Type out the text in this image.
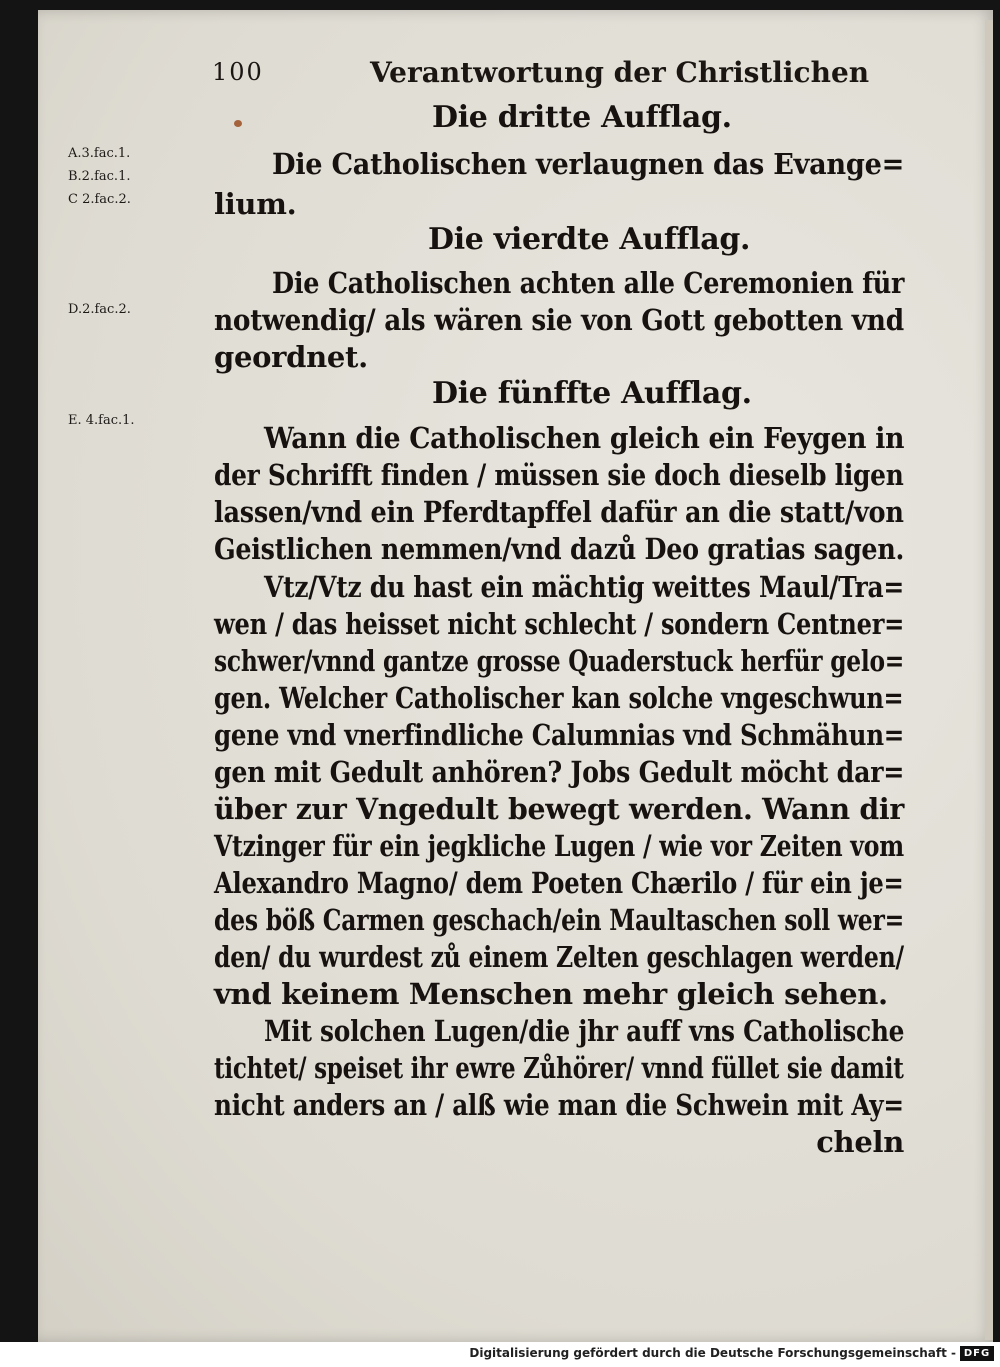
100	Verantwortung der Christlichen
A.3.fac.1.
B.2.fac.1.
C 2.fac.2.
D.2.fac.2.
E. 4.fac.1.
Die dritte Aufflag.
Die Catholischen verlaugnen das Evange=
lium.
Die vierdte Aufflag.
Die Catholischen achten alle Ceremonien für
notwendig/ als wären sie von Gott gebotten vnd
geordnet.
Die fünffte Aufflag.
Wann die Catholischen gleich ein Feygen in
der Schrifft finden / müssen sie doch dieselb ligen
lassen/vnd ein Pferdtapffel dafür an die statt/von
Geistlichen nemmen/vnd dazů Deo gratias sagen.
Vtz/Vtz du hast ein mächtig weittes Maul/Tra=
wen / das heisset nicht schlecht / sondern Centner=
schwer/vnnd gantze grosse Quaderstuck herfür gelo=
gen. Welcher Catholischer kan solche vngeschwun=
gene vnd vnerfindliche Calumnias vnd Schmähun=
gen mit Gedult anhören? Jobs Gedult möcht dar=
über zur Vngedult bewegt werden. Wann dir
Vtzinger für ein jegkliche Lugen / wie vor Zeiten vom
Alexandro Magno/ dem Poeten Chærilo / für ein je=
des böß Carmen geschach/ein Maultaschen soll wer=
den/ du wurdest zů einem Zelten geschlagen werden/
vnd keinem Menschen mehr gleich sehen.
Mit solchen Lugen/die jhr auff vns Catholische
tichtet/ speiset ihr ewre Zůhörer/ vnnd füllet sie damit
nicht anders an / alß wie man die Schwein mit Ay=
cheln
Digitalisierung gefördert durch die Deutsche Forschungsgemeinschaft - DFG
